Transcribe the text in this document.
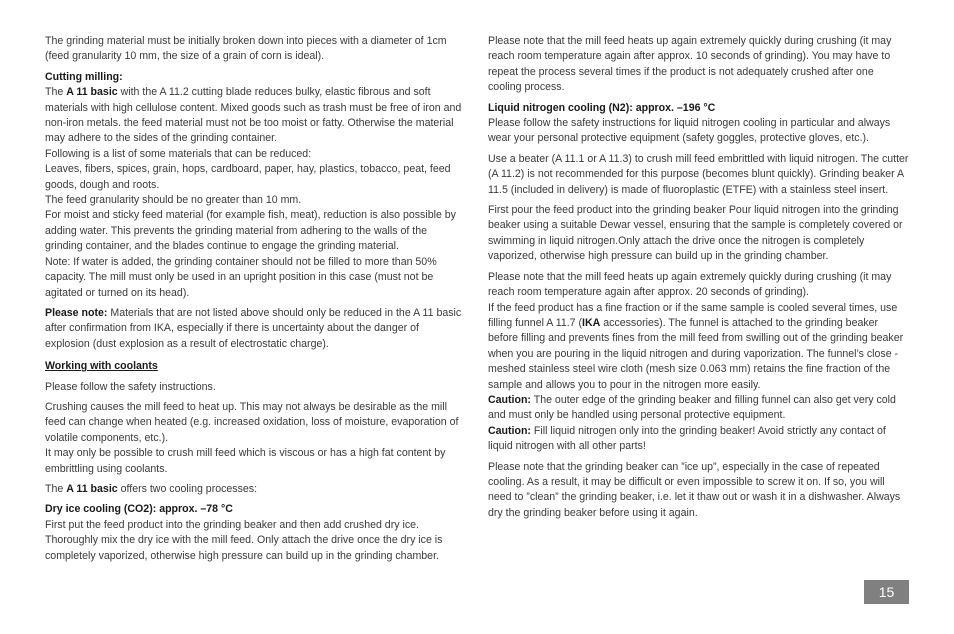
The grinding material must be initially broken down into pieces with a diameter of 1cm (feed granularity 10 mm, the size of a grain of corn is ideal).

Cutting milling:

The A 11 basic with the A 11.2 cutting blade reduces bulky, elastic fibrous and soft materials with high cellulose content. Mixed goods such as trash must be free of iron and non-iron metals. the feed material must not be too moist or fatty. Otherwise the material may adhere to the sides of the grinding container.
Following is a list of some materials that can be reduced:
Leaves, fibers, spices, grain, hops, cardboard, paper, hay, plastics, tobacco, peat, feed goods, dough and roots.
The feed granularity should be no greater than 10 mm.
For moist and sticky feed material (for example fish, meat), reduction is also possible by adding water. This prevents the grinding material from adhering to the walls of the grinding container, and the blades continue to engage the grinding material.
Note: If water is added, the grinding container should not be filled to more than 50% capacity. The mill must only be used in an upright position in this case (must not be agitated or turned on its head).

Please note: Materials that are not listed above should only be reduced in the A 11 basic after confirmation from IKA, especially if there is uncertainty about the danger of explosion (dust explosion as a result of electrostatic charge).

Working with coolants

Please follow the safety instructions.

Crushing causes the mill feed to heat up. This may not always be desirable as the mill feed can change when heated (e.g. increased oxidation, loss of moisture, evaporation of volatile components, etc.).

It may only be possible to crush mill feed which is viscous or has a high fat content by embrittling using coolants.

The A 11 basic offers two cooling processes:

Dry ice cooling (CO2): approx. –78 °C

First put the feed product into the grinding beaker and then add crushed dry ice. Thoroughly mix the dry ice with the mill feed. Only attach the drive once the dry ice is completely vaporized, otherwise high pressure can build up in the grinding chamber.

Please note that the mill feed heats up again extremely quickly during crushing (it may reach room temperature again after approx. 10 seconds of grinding). You may have to repeat the process several times if the product is not adequately crushed after one cooling process.

Liquid nitrogen cooling (N2): approx. –196 °C

Please follow the safety instructions for liquid nitrogen cooling in particular and always wear your personal protective equipment (safety goggles, protective gloves, etc.).

Use a beater (A 11.1 or A 11.3) to crush mill feed embrittled with liquid nitrogen. The cutter (A 11.2) is not recommended for this purpose (becomes blunt quickly). Grinding beaker A 11.5 (included in delivery) is made of fluoroplastic (ETFE) with a stainless steel insert.

First pour the feed product into the grinding beaker Pour liquid nitrogen into the grinding beaker using a suitable Dewar vessel, ensuring that the sample is completely covered or swimming in liquid nitrogen.Only attach the drive once the nitrogen is completely vaporized, otherwise high pressure can build up in the grinding chamber.

Please note that the mill feed heats up again extremely quickly during crushing (it may reach room temperature again after approx. 20 seconds of grinding).
If the feed product has a fine fraction or if the same sample is cooled several times, use filling funnel A 11.7 (IKA accessories). The funnel is attached to the grinding beaker before filling and prevents fines from the mill feed from swilling out of the grinding beaker when you are pouring in the liquid nitrogen and during vaporization. The funnel’s close - meshed stainless steel wire cloth (mesh size 0.063 mm) retains the fine fraction of the sample and allows you to pour in the nitrogen more easily.
Caution: The outer edge of the grinding beaker and filling funnel can also get very cold and must only be handled using personal protective equipment.
Caution: Fill liquid nitrogen only into the grinding beaker! Avoid strictly any contact of liquid nitrogen with all other parts!

Please note that the grinding beaker can ”ice up”, especially in the case of repeated cooling. As a result, it may be difficult or even impossible to screw it on. If so, you will need to ”clean” the grinding beaker, i.e. let it thaw out or wash it in a dishwasher. Always dry the grinding beaker before using it again.

15
